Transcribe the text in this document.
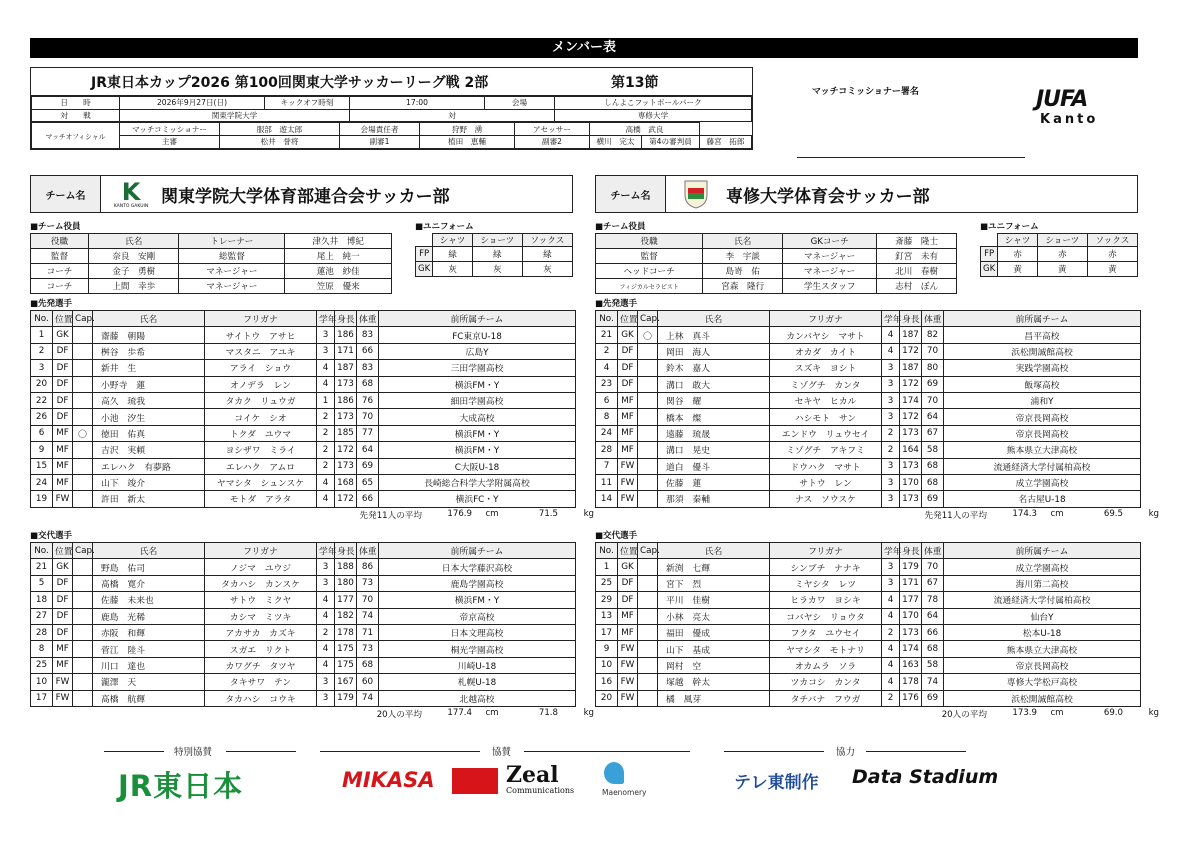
メンバー表
JR東日本カップ2026 第100回関東大学サッカーリーグ戦 2部	第13節
日　　時	2026年9月27日(日)	キックオフ時刻	17:00	会場	しんよこフットボールパーク
対　　戦	関東学院大学		対		専修大学
マッチオフィシャル	マッチコミッショナー	服部　遊太郎	会場責任者	狩野　湧	アセッサー	高橋　武良		
	主審	松井　誉将	副審1	植田　恵輔	副審2	横川　完太	第4の審判員	藤宮　拓郎
マッチコミッショナー署名	JUFA
Kanto
チーム名	K
KANTO GAKUIN 関東学院大学体育部連合会サッカー部	チーム名	専修大学体育会サッカー部
■チーム役員
役職	氏名	トレーナー	津久井　博紀
監督	奈良　安剛	総監督	尾上　純一
コーチ	金子　勇樹	マネージャー	蓮池　紗佳
コーチ	上間　幸歩	マネージャー	笠原　優来
■ユニフォーム
	シャツ	ショーツ	ソックス
FP	緑	緑	緑
GK	灰	灰	灰
■先発選手
No.	位置	Cap.	氏名	フリガナ	学年	身長	体重	前所属チーム
1	GK		齋藤　朝陽	サイトウ　アサヒ	3	186	83	FC東京U-18
2	DF		桝谷　歩希	マスタニ　アユキ	3	171	66	広島Y
3	DF		新井　生	アライ　ショウ	4	187	83	三田学園高校
20	DF		小野寺　蓮	オノデラ　レン	4	173	68	横浜FM・Y
22	DF		高久　琉我	タカク　リュウガ	1	186	76	細田学園高校
26	DF		小池　汐生	コイケ　シオ	2	173	70	大成高校
6	MF	〇	徳田　佑真	トクダ　ユウマ	2	185	77	横浜FM・Y
9	MF		吉沢　実頼	ヨシザワ　ミライ	2	172	64	横浜FM・Y
15	MF		エレハク　有夢路	エレハク　アムロ	2	173	69	C大阪U-18
24	MF		山下　竣介	ヤマシタ　シュンスケ	4	168	65	長崎総合科学大学附属高校
19	FW		許田　新太	モトダ　アラタ	4	172	66	横浜FC・Y
先発11人の平均	176.9	cm	71.5	kg
■交代選手
No.	位置	Cap.	氏名	フリガナ	学年	身長	体重	前所属チーム
21	GK		野島　佑司	ノジマ　ユウジ	3	188	86	日本大学藤沢高校
5	DF		髙橋　寛介	タカハシ　カンスケ	3	180	73	鹿島学園高校
18	DF		佐藤　未来也	サトウ　ミクヤ	4	177	70	横浜FM・Y
27	DF		鹿島　光稀	カシマ　ミツキ	4	182	74	帝京高校
28	DF		赤阪　和輝	アカサカ　カズキ	2	178	71	日本文理高校
8	MF		菅江　陸斗	スガエ　リクト	4	175	73	桐光学園高校
25	MF		川口　達也	カワグチ　タツヤ	4	175	68	川崎U-18
10	FW		瀧澤　天	タキサワ　テン	3	167	60	札幌U-18
17	FW		髙橋　航輝	タカハシ　コウキ	3	179	74	北越高校
20人の平均	177.4	cm	71.8	kg
■チーム役員
役職	氏名	GKコーチ	斎藤　隆士
監督	李　宇談	マネージャー	釘宮　未有
ヘッドコーチ	島嵜　佑	マネージャー	北川　春樹
フィジカルセラピスト	宮森　隆行	学生スタッフ	志村　ぼん
■ユニフォーム
	シャツ	ショーツ	ソックス
FP	赤	赤	赤
GK	黄	黄	黄
■先発選手
No.	位置	Cap.	氏名	フリガナ	学年	身長	体重	前所属チーム
21	GK	〇	上林　真斗	カンバヤシ　マサト	4	187	82	昌平高校
2	DF		岡田　海人	オカダ　カイト	4	172	70	浜松開誠館高校
4	DF		鈴木　嘉人	スズキ　ヨシト	3	187	80	実践学園高校
23	DF		溝口　敢大	ミゾグチ　カンタ	3	172	69	飯塚高校
6	MF		関谷　耀	セキヤ　ヒカル	3	174	70	浦和Y
8	MF		橋本　燦	ハシモト　サン	3	172	64	帝京長岡高校
24	MF		遠藤　琉晟	エンドウ　リュウセイ	2	173	67	帝京長岡高校
28	MF		溝口　晃史	ミゾグチ　アキフミ	2	164	58	熊本県立大津高校
7	FW		道白　優斗	ドウハク　マサト	3	173	68	流通経済大学付属柏高校
11	FW		佐藤　蓮	サトウ　レン	3	170	68	成立学園高校
14	FW		那須　秦輔	ナス　ソウスケ	3	173	69	名古屋U-18
先発11人の平均	174.3	cm	69.5	kg
■交代選手
No.	位置	Cap.	氏名	フリガナ	学年	身長	体重	前所属チーム
1	GK		新渕　七輝	シンブチ　ナナキ	3	179	70	成立学園高校
25	DF		宮下　烈	ミヤシタ　レツ	3	171	67	海川第二高校
29	DF		平川　佳樹	ヒラカワ　ヨシキ	4	177	78	流通経済大学付属柏高校
13	MF		小林　亮太	コバヤシ　リョウタ	4	170	64	仙台Y
17	MF		福田　優成	フクタ　ユウセイ	2	173	66	松本U-18
9	FW		山下　基成	ヤマシタ　モトナリ	4	174	68	熊本県立大津高校
10	FW		岡村　空	オカムラ　ソラ	4	163	58	帝京長岡高校
16	FW		塚越　幹太	ツカコシ　カンタ	4	178	74	専修大学松戸高校
20	FW		橘　風芽	タチバナ　フウガ	2	176	69	浜松開誠館高校
20人の平均	173.9	cm	69.0	kg
特別協賛	協賛	協力
JR東日本	MIKASA	Zeal
Communications	Maenomery	テレ東制作 Data Stadium
